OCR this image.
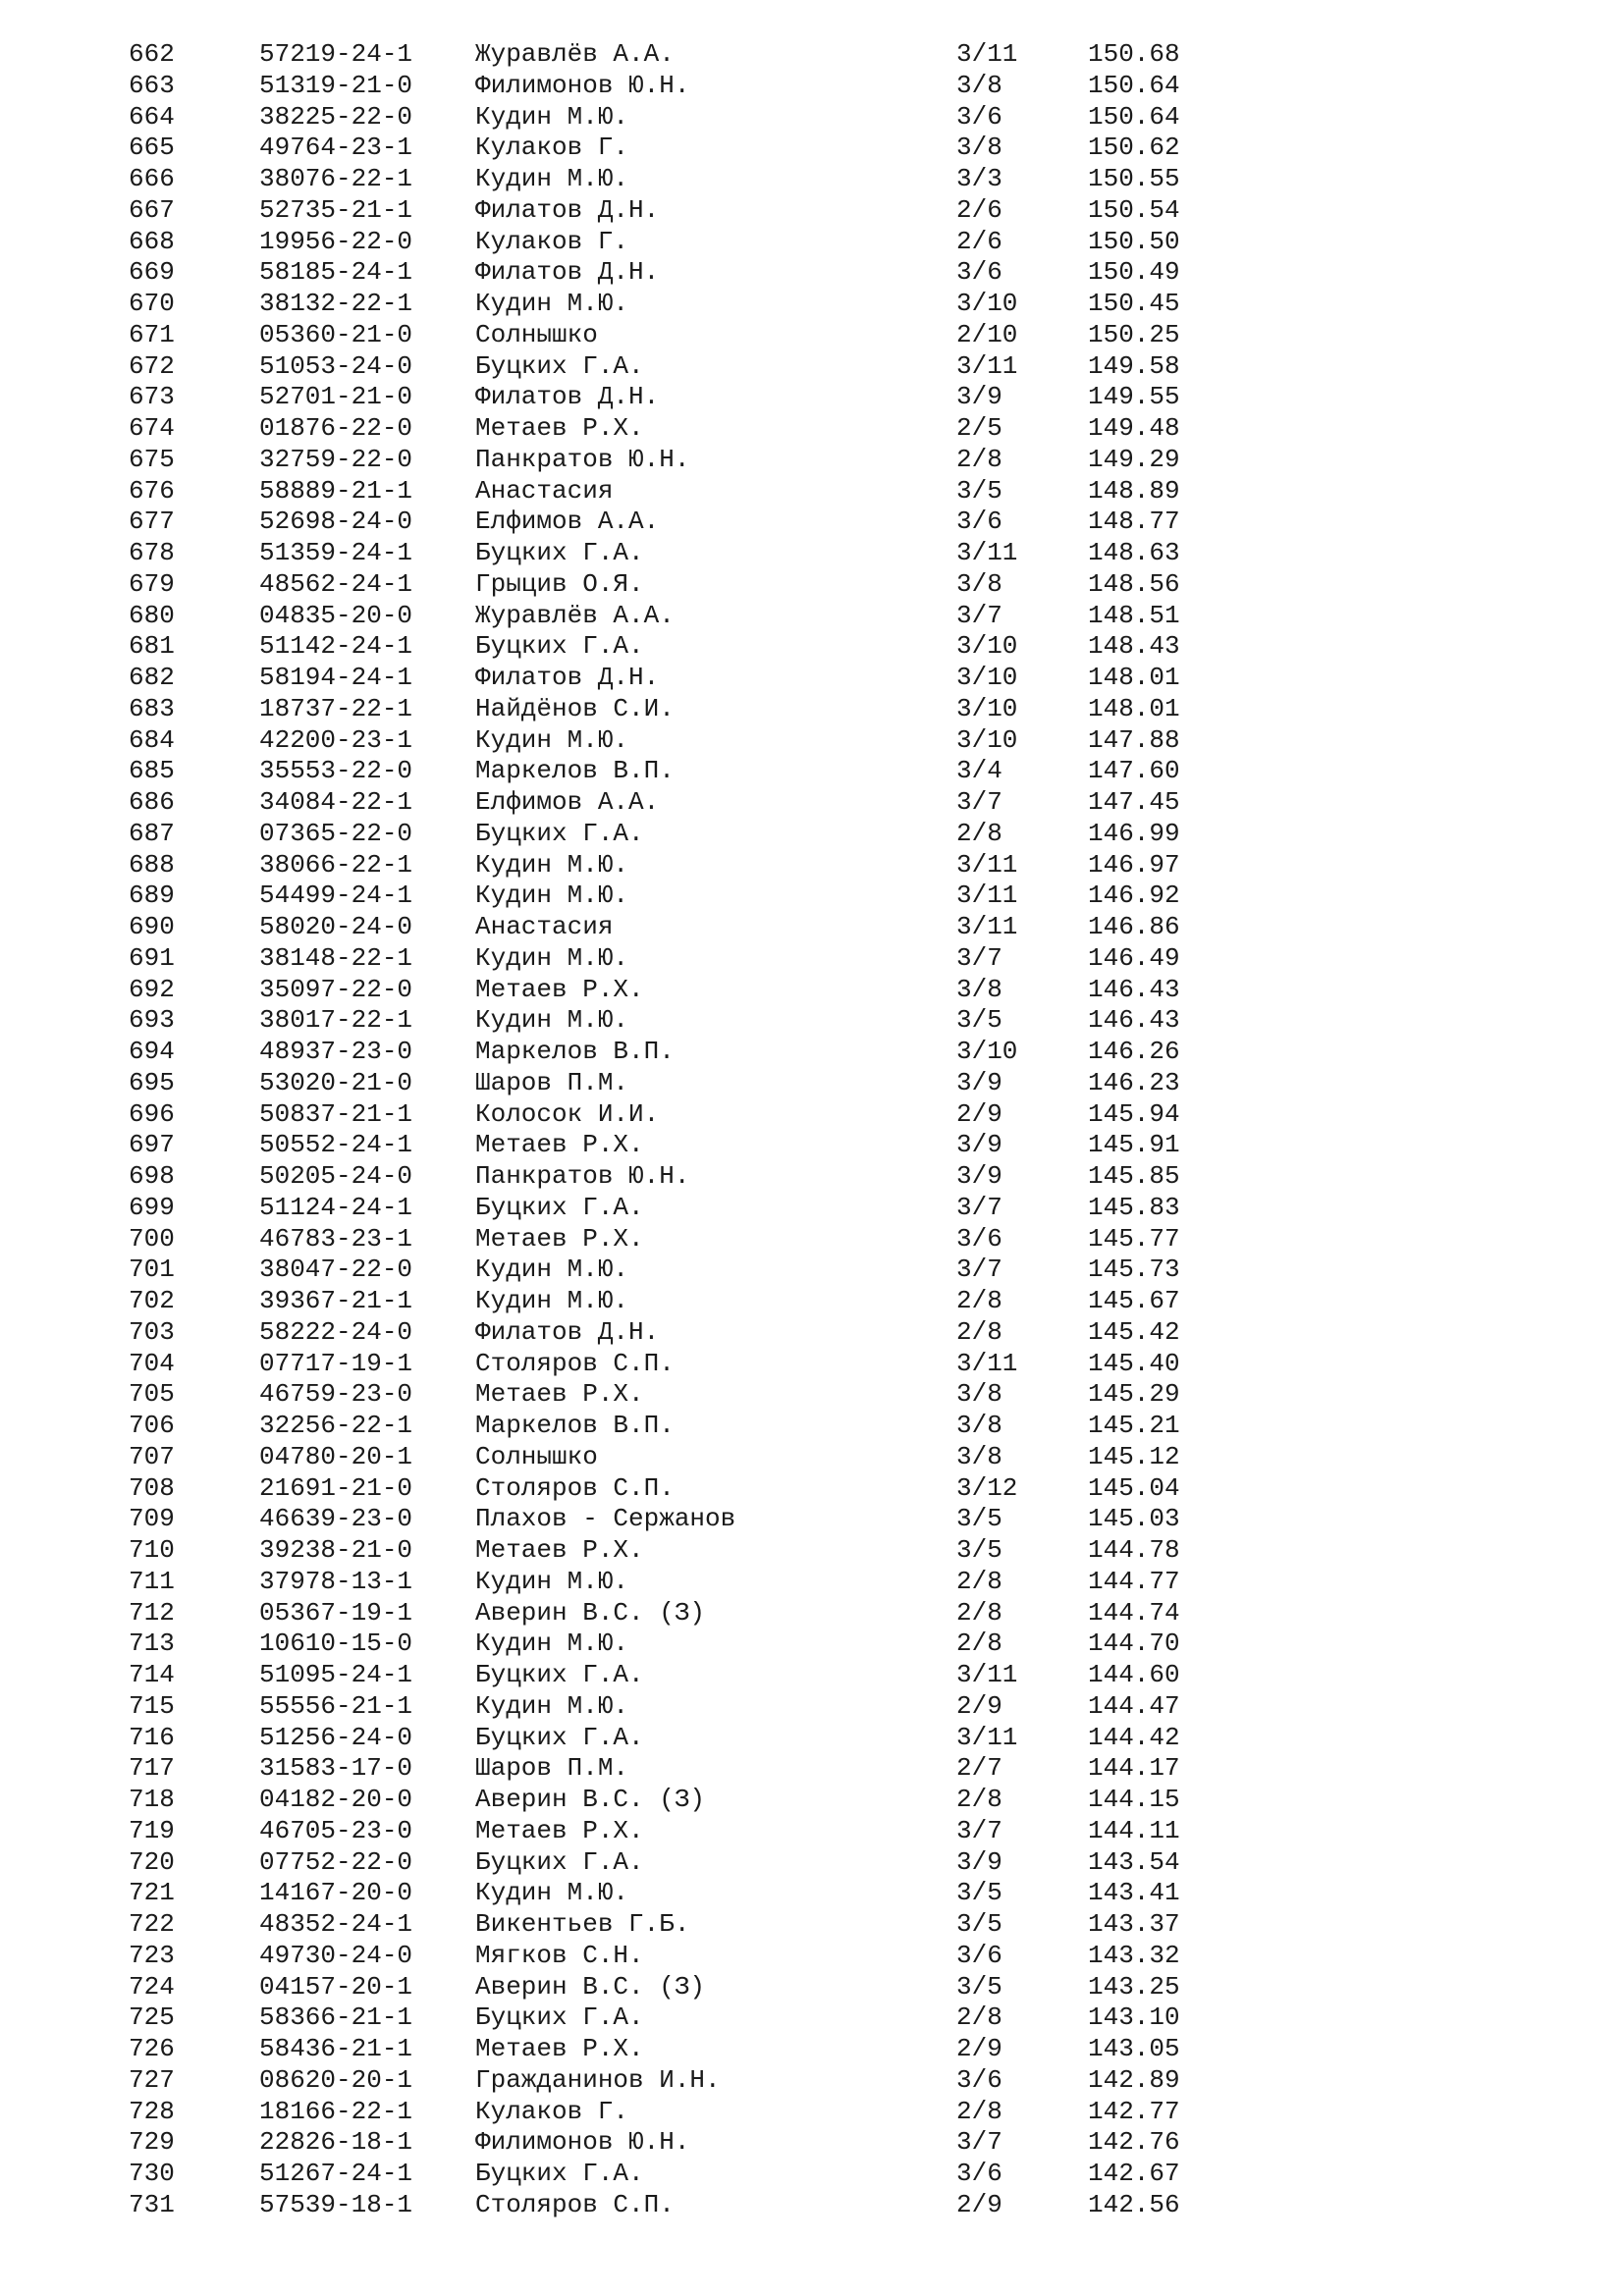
662	57219-24-1 Журавлёв А.А.	3/11	150.68
663	51319-21-0 Филимонов Ю.Н.	3/8	150.64
664	38225-22-0 Кудин М.Ю.	3/6	150.64
665	49764-23-1 Кулаков Г.	3/8	150.62
666	38076-22-1 Кудин М.Ю.	3/3	150.55
667	52735-21-1 Филатов Д.Н.	2/6	150.54
668	19956-22-0 Кулаков Г.	2/6	150.50
669	58185-24-1 Филатов Д.Н.	3/6	150.49
670	38132-22-1 Кудин М.Ю.	3/10	150.45
671	05360-21-0 Солнышко	2/10	150.25
672	51053-24-0 Буцких Г.А.	3/11	149.58
673	52701-21-0 Филатов Д.Н.	3/9	149.55
674	01876-22-0 Метаев Р.Х.	2/5	149.48
675	32759-22-0 Панкратов Ю.Н.	2/8	149.29
676	58889-21-1 Анастасия	3/5	148.89
677	52698-24-0 Елфимов А.А.	3/6	148.77
678	51359-24-1 Буцких Г.А.	3/11	148.63
679	48562-24-1 Грыцив О.Я.	3/8	148.56
680	04835-20-0 Журавлёв А.А.	3/7	148.51
681	51142-24-1 Буцких Г.А.	3/10	148.43
682	58194-24-1 Филатов Д.Н.	3/10	148.01
683	18737-22-1 Найдёнов С.И.	3/10	148.01
684	42200-23-1 Кудин М.Ю.	3/10	147.88
685	35553-22-0 Маркелов В.П.	3/4	147.60
686	34084-22-1 Елфимов А.А.	3/7	147.45
687	07365-22-0 Буцких Г.А.	2/8	146.99
688	38066-22-1 Кудин М.Ю.	3/11	146.97
689	54499-24-1 Кудин М.Ю.	3/11	146.92
690	58020-24-0 Анастасия	3/11	146.86
691	38148-22-1 Кудин М.Ю.	3/7	146.49
692	35097-22-0 Метаев Р.Х.	3/8	146.43
693	38017-22-1 Кудин М.Ю.	3/5	146.43
694	48937-23-0 Маркелов В.П.	3/10	146.26
695	53020-21-0 Шаров П.М.	3/9	146.23
696	50837-21-1 Колосок И.И.	2/9	145.94
697	50552-24-1 Метаев Р.Х.	3/9	145.91
698	50205-24-0 Панкратов Ю.Н.	3/9	145.85
699	51124-24-1 Буцких Г.А.	3/7	145.83
700	46783-23-1 Метаев Р.Х.	3/6	145.77
701	38047-22-0 Кудин М.Ю.	3/7	145.73
702	39367-21-1 Кудин М.Ю.	2/8	145.67
703	58222-24-0 Филатов Д.Н.	2/8	145.42
704	07717-19-1 Столяров С.П.	3/11	145.40
705	46759-23-0 Метаев Р.Х.	3/8	145.29
706	32256-22-1 Маркелов В.П.	3/8	145.21
707	04780-20-1 Солнышко	3/8	145.12
708	21691-21-0 Столяров С.П.	3/12	145.04
709	46639-23-0 Плахов - Сержанов	3/5	145.03
710	39238-21-0 Метаев Р.Х.	3/5	144.78
711	37978-13-1 Кудин М.Ю.	2/8	144.77
712	05367-19-1 Аверин В.С. (З)	2/8	144.74
713	10610-15-0 Кудин М.Ю.	2/8	144.70
714	51095-24-1 Буцких Г.А.	3/11	144.60
715	55556-21-1 Кудин М.Ю.	2/9	144.47
716	51256-24-0 Буцких Г.А.	3/11	144.42
717	31583-17-0 Шаров П.М.	2/7	144.17
718	04182-20-0 Аверин В.С. (З)	2/8	144.15
719	46705-23-0 Метаев Р.Х.	3/7	144.11
720	07752-22-0 Буцких Г.А.	3/9	143.54
721	14167-20-0 Кудин М.Ю.	3/5	143.41
722	48352-24-1 Викентьев Г.Б.	3/5	143.37
723	49730-24-0 Мягков С.Н.	3/6	143.32
724	04157-20-1 Аверин В.С. (З)	3/5	143.25
725	58366-21-1 Буцких Г.А.	2/8	143.10
726	58436-21-1 Метаев Р.Х.	2/9	143.05
727	08620-20-1 Гражданинов И.Н.	3/6	142.89
728	18166-22-1 Кулаков Г.	2/8	142.77
729	22826-18-1 Филимонов Ю.Н.	3/7	142.76
730	51267-24-1 Буцких Г.А.	3/6	142.67
731	57539-18-1 Столяров С.П.	2/9	142.56
